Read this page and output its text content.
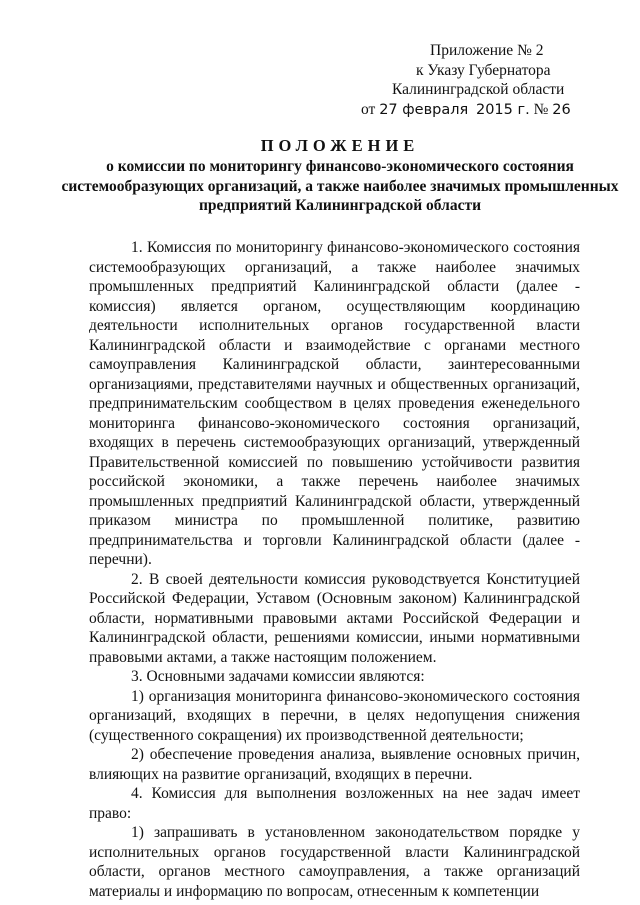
Приложение № 2
к Указу Губернатора
Калининградской области
от 27 февраля 2015 г. № 26
ПОЛОЖЕНИЕ
о комиссии по мониторингу финансово-экономического состояния системообразующих организаций, а также наиболее значимых промышленных предприятий Калининградской области

1. Комиссия по мониторингу финансово-экономического состояния системообразующих организаций, а также наиболее значимых промышленных предприятий Калининградской области (далее - комиссия) является органом, осуществляющим координацию деятельности исполнительных органов государственной власти Калининградской области и взаимодействие с органами местного самоуправления Калининградской области, заинтересованными организациями, представителями научных и общественных организаций, предпринимательским сообществом в целях проведения еженедельного мониторинга финансово-экономического состояния организаций, входящих в перечень системообразующих организаций, утвержденный Правительственной комиссией по повышению устойчивости развития российской экономики, а также перечень наиболее значимых промышленных предприятий Калининградской области, утвержденный приказом министра по промышленной политике, развитию предпринимательства и торговли Калининградской области (далее - перечни).

2. В своей деятельности комиссия руководствуется Конституцией Российской Федерации, Уставом (Основным законом) Калининградской области, нормативными правовыми актами Российской Федерации и Калининградской области, решениями комиссии, иными нормативными правовыми актами, а также настоящим положением.

3. Основными задачами комиссии являются:

1) организация мониторинга финансово-экономического состояния организаций, входящих в перечни, в целях недопущения снижения (существенного сокращения) их производственной деятельности;

2) обеспечение проведения анализа, выявление основных причин, влияющих на развитие организаций, входящих в перечни.

4. Комиссия для выполнения возложенных на нее задач имеет право:

1) запрашивать в установленном законодательством порядке у исполнительных органов государственной власти Калининградской области, органов местного самоуправления, а также организаций материалы и информацию по вопросам, отнесенным к компетенции
